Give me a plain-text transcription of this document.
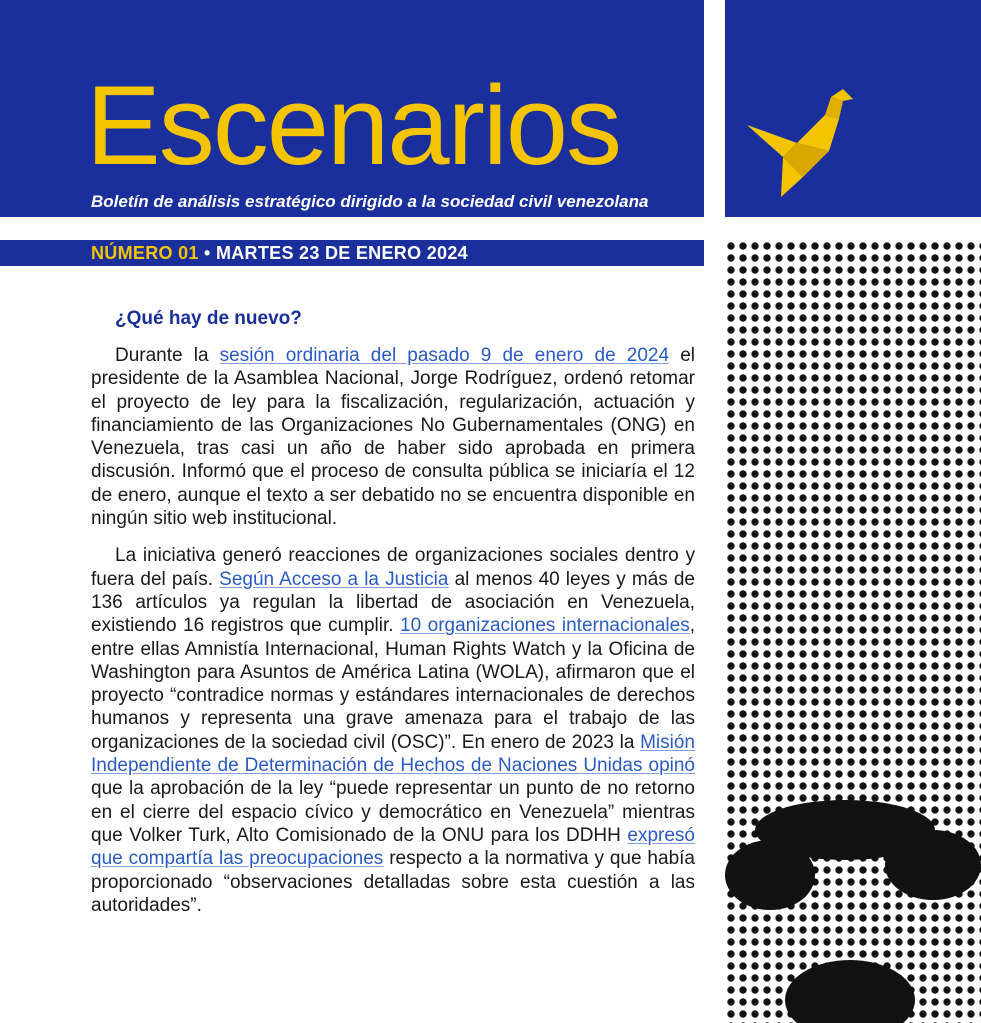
Escenarios

Boletín de análisis estratégico dirigido a la sociedad civil venezolana

NÚMERO 01 • MARTES 23 DE ENERO 2024
¿Qué hay de nuevo?

Durante la sesión ordinaria del pasado 9 de enero de 2024 el presidente de la Asamblea Nacional, Jorge Rodríguez, ordenó retomar el proyecto de ley para la fiscalización, regularización, actuación y financiamiento de las Organizaciones No Gubernamentales (ONG) en Venezuela, tras casi un año de haber sido aprobada en primera discusión. Informó que el proceso de consulta pública se iniciaría el 12 de enero, aunque el texto a ser debatido no se encuentra disponible en ningún sitio web institucional.

La iniciativa generó reacciones de organizaciones sociales dentro y fuera del país. Según Acceso a la Justicia al menos 40 leyes y más de 136 artículos ya regulan la libertad de asociación en Venezuela, existiendo 16 registros que cumplir. 10 organizaciones internacionales, entre ellas Amnistía Internacional, Human Rights Watch y la Oficina de Washington para Asuntos de América Latina (WOLA), afirmaron que el proyecto “contradice normas y estándares internacionales de derechos humanos y representa una grave amenaza para el trabajo de las organizaciones de la sociedad civil (OSC)”. En enero de 2023 la Misión Independiente de Determinación de Hechos de Naciones Unidas opinó que la aprobación de la ley “puede representar un punto de no retorno en el cierre del espacio cívico y democrático en Venezuela” mientras que Volker Turk, Alto Comisionado de la ONU para los DDHH expresó que compartía las preocupaciones respecto a la normativa y que había proporcionado “observaciones detalladas sobre esta cuestión a las autoridades”.
